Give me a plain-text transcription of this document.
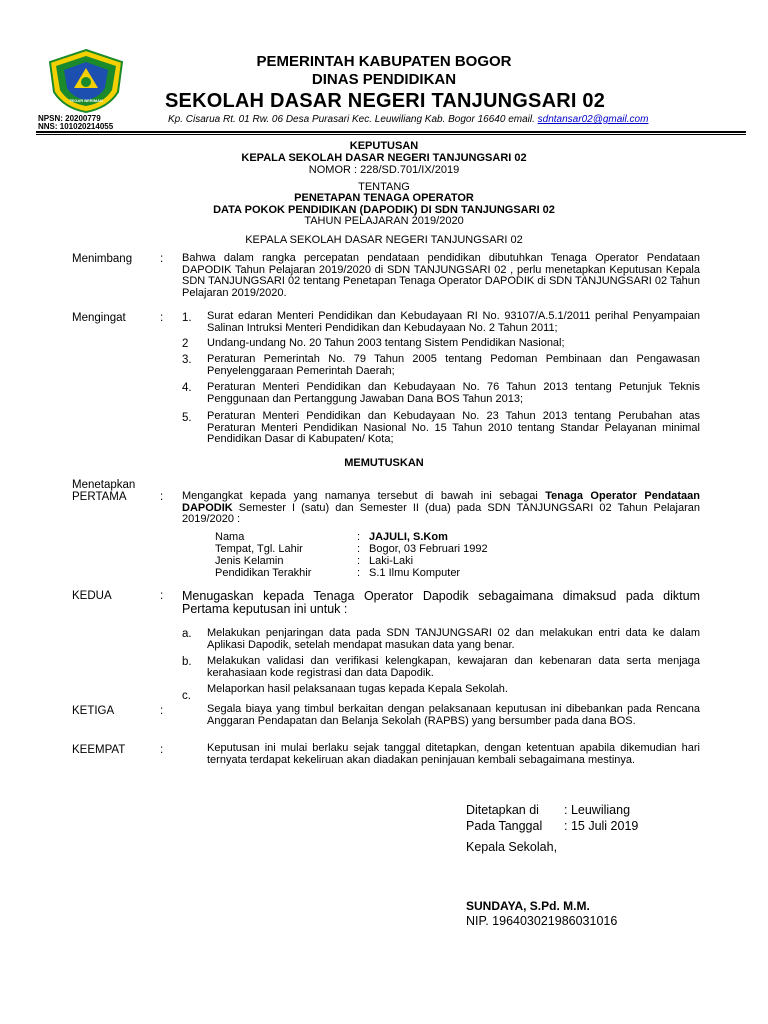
TEGAR BERIMAN
NPSN: 20200779
NNS: 101020214055
PEMERINTAH KABUPATEN BOGOR
DINAS PENDIDIKAN
SEKOLAH DASAR NEGERI TANJUNGSARI 02
Kp. Cisarua Rt. 01 Rw. 06 Desa Purasari Kec. Leuwiliang Kab. Bogor 16640 email. sdntansar02@gmail.com
KEPUTUSAN
KEPALA SEKOLAH DASAR NEGERI TANJUNGSARI 02
NOMOR : 228/SD.701/IX/2019
TENTANG
PENETAPAN TENAGA OPERATOR
DATA POKOK PENDIDIKAN (DAPODIK) DI SDN TANJUNGSARI 02
TAHUN PELAJARAN 2019/2020
KEPALA SEKOLAH DASAR NEGERI TANJUNGSARI 02
Menimbang : Bahwa dalam rangka percepatan pendataan pendidikan dibutuhkan Tenaga Operator Pendataan DAPODIK Tahun Pelajaran 2019/2020 di SDN TANJUNGSARI 02 , perlu menetapkan Keputusan Kepala SDN TANJUNGSARI 02 tentang Penetapan Tenaga Operator DAPODIK di SDN TANJUNGSARI 02 Tahun Pelajaran 2019/2020.
Mengingat	: 1. Surat edaran Menteri Pendidikan dan Kebudayaan RI No. 93107/A.5.1/2011 perihal Penyampaian Salinan Intruksi Menteri Pendidikan dan Kebudayaan No. 2 Tahun 2011;
2 Undang-undang No. 20 Tahun 2003 tentang Sistem Pendidikan Nasional;
3. Peraturan Pemerintah No. 79 Tahun 2005 tentang Pedoman Pembinaan dan Pengawasan Penyelenggaraan Pemerintah Daerah;
4. Peraturan Menteri Pendidikan dan Kebudayaan No. 76 Tahun 2013 tentang Petunjuk Teknis Penggunaan dan Pertanggung Jawaban Dana BOS Tahun 2013;
5. Peraturan Menteri Pendidikan dan Kebudayaan No. 23 Tahun 2013 tentang Perubahan atas Peraturan Menteri Pendidikan Nasional No. 15 Tahun 2010 tentang Standar Pelayanan minimal Pendidikan Dasar di Kabupaten/ Kota;
MEMUTUSKAN
Menetapkan
PERTAMA	: Mengangkat kepada yang namanya tersebut di bawah ini sebagai Tenaga Operator Pendataan DAPODIK Semester I (satu) dan Semester II (dua) pada SDN TANJUNGSARI 02 Tahun Pelajaran 2019/2020 :
Nama	: JAJULI, S.Kom
Tempat, Tgl. Lahir	: Bogor, 03 Februari 1992
Jenis Kelamin	: Laki-Laki
Pendidikan Terakhir	: S.1 Ilmu Komputer
KEDUA	: Menugaskan kepada Tenaga Operator Dapodik sebagaimana dimaksud pada diktum Pertama keputusan ini untuk :
a. Melakukan penjaringan data pada SDN TANJUNGSARI 02 dan melakukan entri data ke dalam Aplikasi Dapodik, setelah mendapat masukan data yang benar.
b. Melakukan validasi dan verifikasi kelengkapan, kewajaran dan kebenaran data serta menjaga kerahasiaan kode registrasi dan data Dapodik.
c.
Melaporkan hasil pelaksanaan tugas kepada Kepala Sekolah.
KETIGA	:	Segala biaya yang timbul berkaitan dengan pelaksanaan keputusan ini dibebankan pada Rencana Anggaran Pendapatan dan Belanja Sekolah (RAPBS) yang bersumber pada dana BOS.
KEEMPAT	:	Keputusan ini mulai berlaku sejak tanggal ditetapkan, dengan ketentuan apabila dikemudian hari ternyata terdapat kekeliruan akan diadakan peninjauan kembali sebagaimana mestinya.
Ditetapkan di : Leuwiliang
Pada Tanggal : 15 Juli 2019
Kepala Sekolah,
SUNDAYA, S.Pd. M.M.
NIP. 196403021986031016
